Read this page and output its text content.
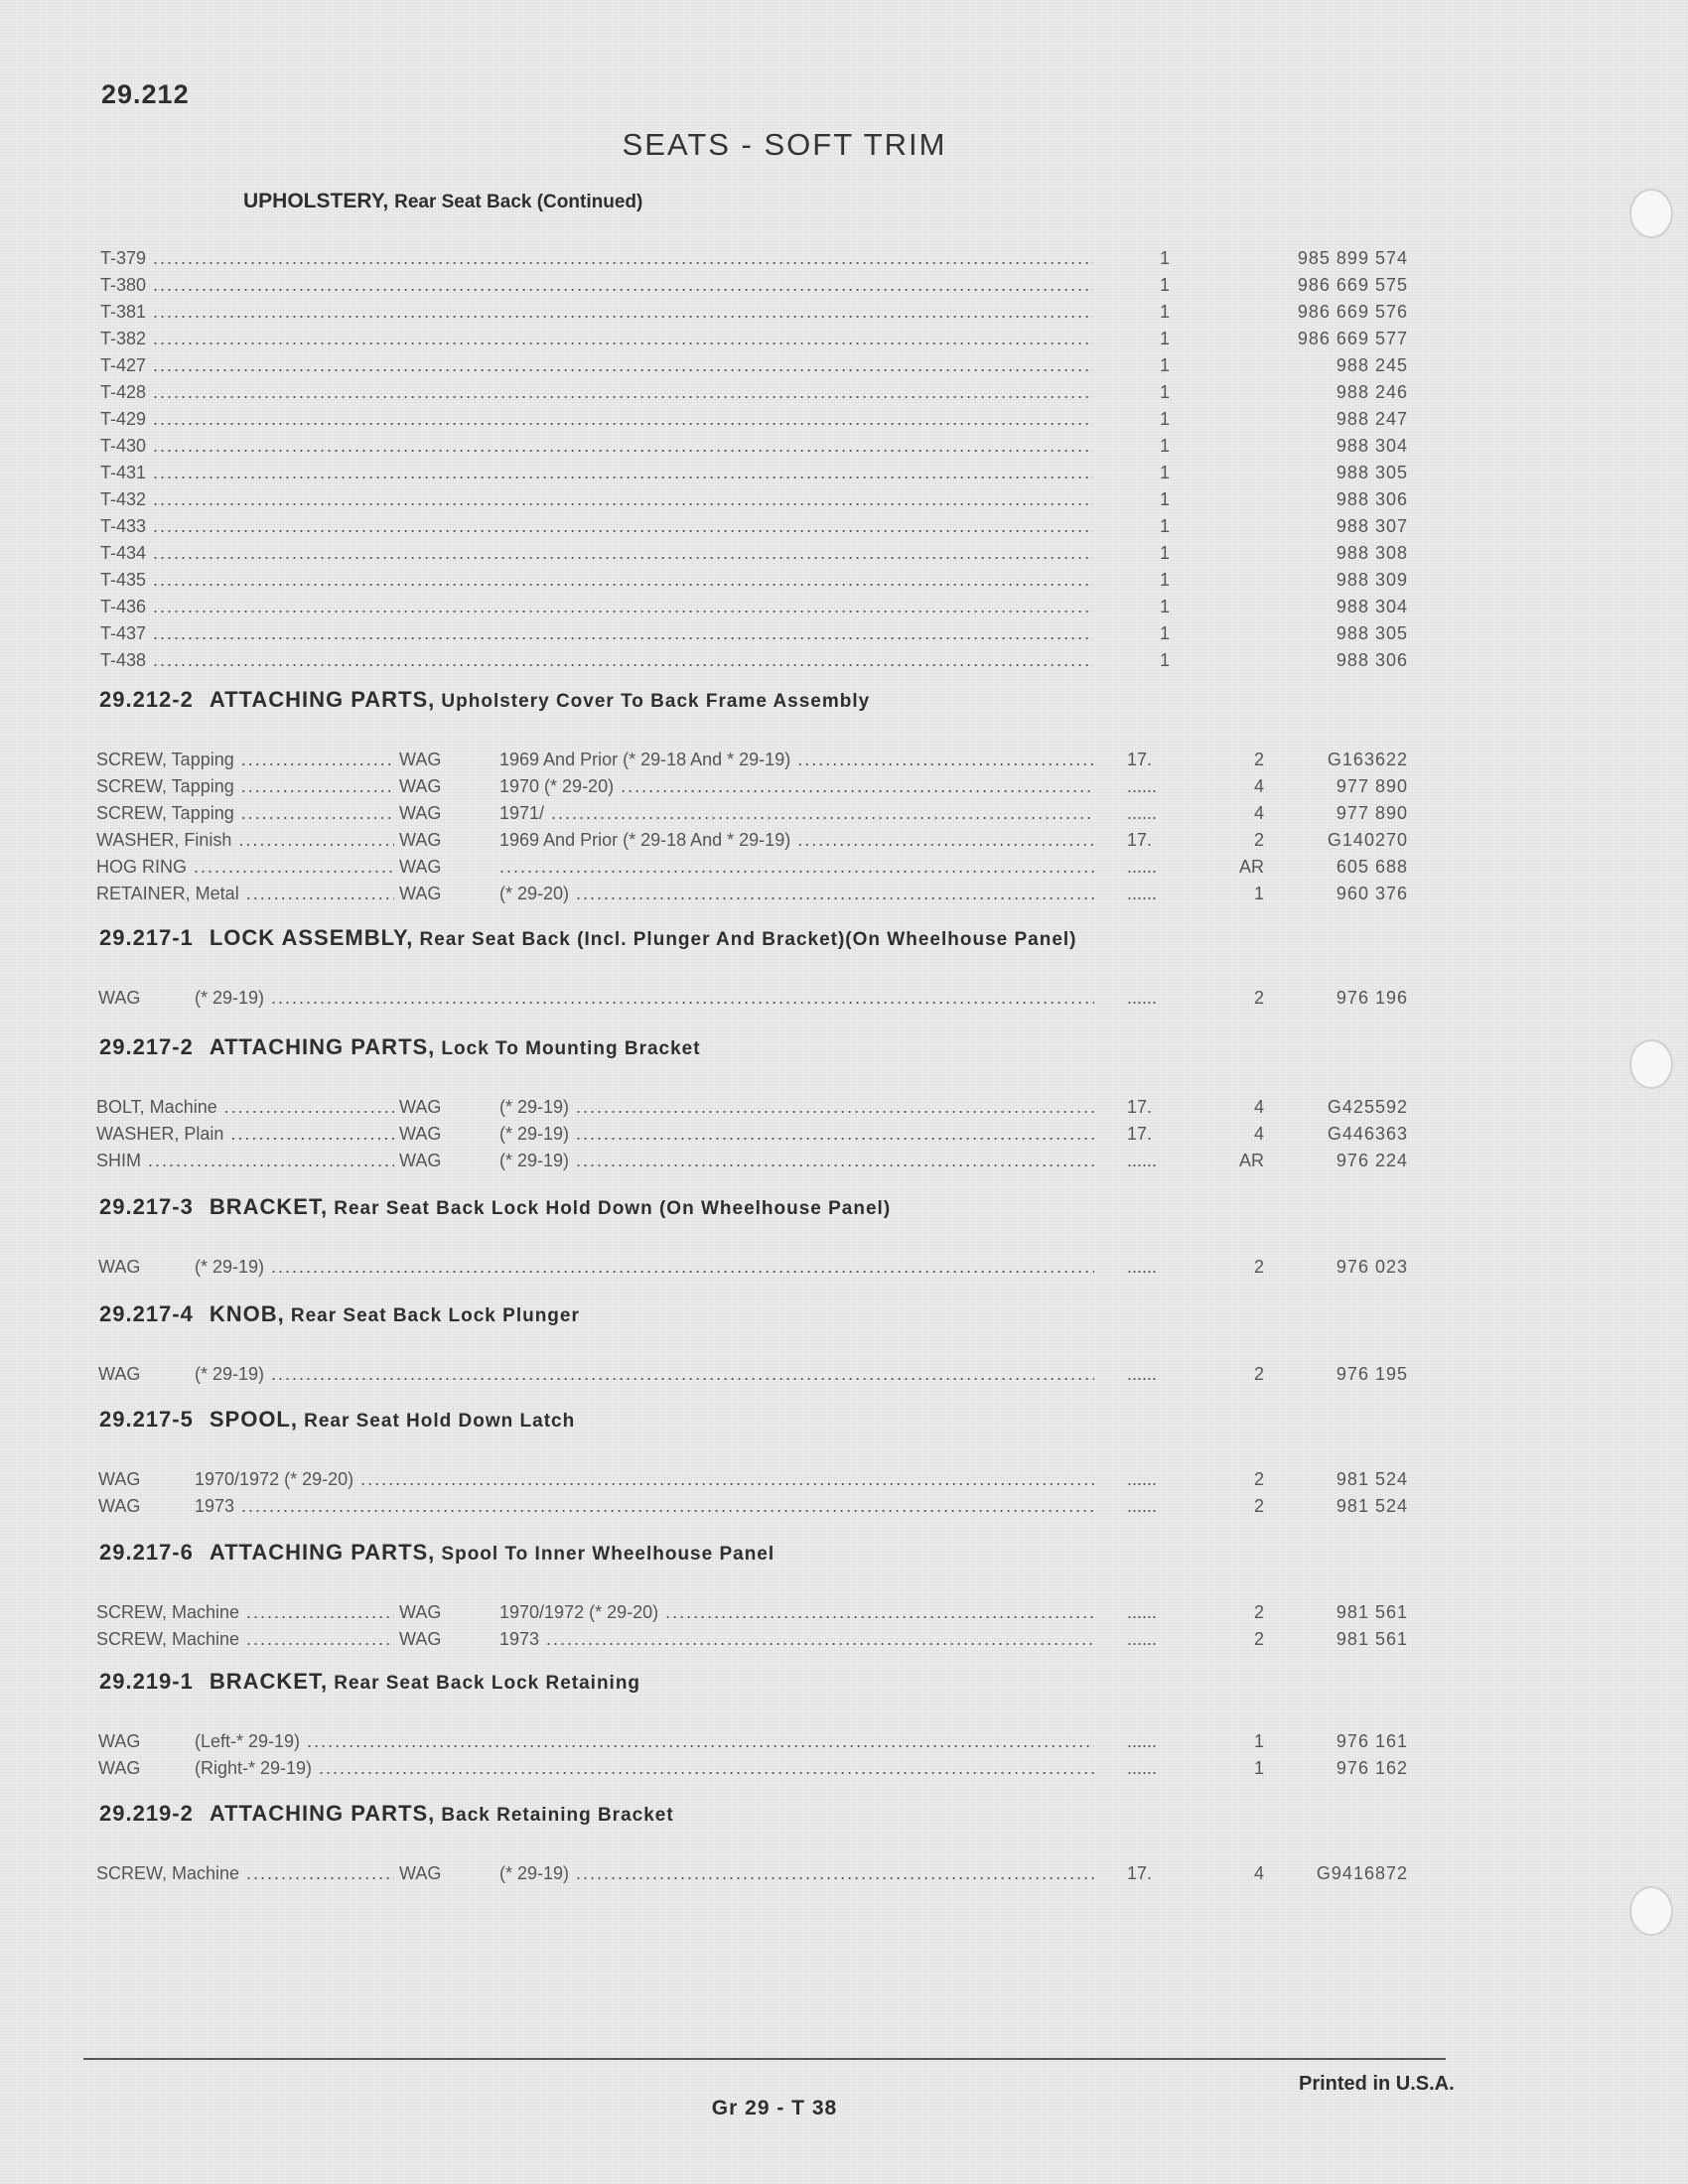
29.212
SEATS - SOFT TRIM
UPHOLSTERY, Rear Seat Back (Continued)
T-379 .....	1	985 899 574
T-380 .....	1	986 669 575
T-381 .....	1	986 669 576
T-382 .....	1	986 669 577
T-427 .....	1	988 245
T-428 .....	1	988 246
T-429 .....	1	988 247
T-430 .....	1	988 304
T-431 .....	1	988 305
T-432 .....	1	988 306
T-433 .....	1	988 307
T-434 .....	1	988 308
T-435 .....	1	988 309
T-436 .....	1	988 304
T-437 .....	1	988 305
T-438 .....	1	988 306
29.212-2 ATTACHING PARTS, Upholstery Cover To Back Frame Assembly
SCREW, Tapping .....	WAG	1969 And Prior (* 29-18 And * 29-19) .....	17.	2	G163622
SCREW, Tapping .....	WAG	1970 (* 29-20) .....	......	4	977 890
SCREW, Tapping .....	WAG	1971/ .....	......	4	977 890
WASHER, Finish .....	WAG	1969 And Prior (* 29-18 And * 29-19) .....	17.	2	G140270
HOG RING .....	WAG
.....	......	AR	605 688
RETAINER, Metal .....	WAG	(* 29-20) .....	......	1	960 376
29.217-1 LOCK ASSEMBLY, Rear Seat Back (Incl. Plunger And Bracket)(On Wheelhouse Panel)
WAG	(* 29-19) .....	......	2	976 196
29.217-2 ATTACHING PARTS, Lock To Mounting Bracket
BOLT, Machine .....	WAG	(* 29-19) .....	17.	4	G425592
WASHER, Plain .....	WAG	(* 29-19) .....	17.	4	G446363
SHIM .....	WAG	(* 29-19) .....	......	AR	976 224
29.217-3 BRACKET, Rear Seat Back Lock Hold Down (On Wheelhouse Panel)
WAG	(* 29-19) .....	......	2	976 023
29.217-4 KNOB, Rear Seat Back Lock Plunger
WAG	(* 29-19) .....	......	2	976 195
29.217-5 SPOOL, Rear Seat Hold Down Latch
WAG	1970/1972 (* 29-20) .....	......	2	981 524
WAG	1973 .....	......	2	981 524
29.217-6 ATTACHING PARTS, Spool To Inner Wheelhouse Panel
SCREW, Machine .....	WAG	1970/1972 (* 29-20) .....	......	2	981 561
SCREW, Machine .....	WAG	1973 .....	......	2	981 561
29.219-1 BRACKET, Rear Seat Back Lock Retaining
WAG	(Left-* 29-19) .....	......	1	976 161
WAG	(Right-* 29-19) .....	......	1	976 162
29.219-2 ATTACHING PARTS, Back Retaining Bracket
SCREW, Machine .....	WAG	(* 29-19) .....	17.	4	G9416872
Printed in U.S.A.
Gr 29 - T 38
